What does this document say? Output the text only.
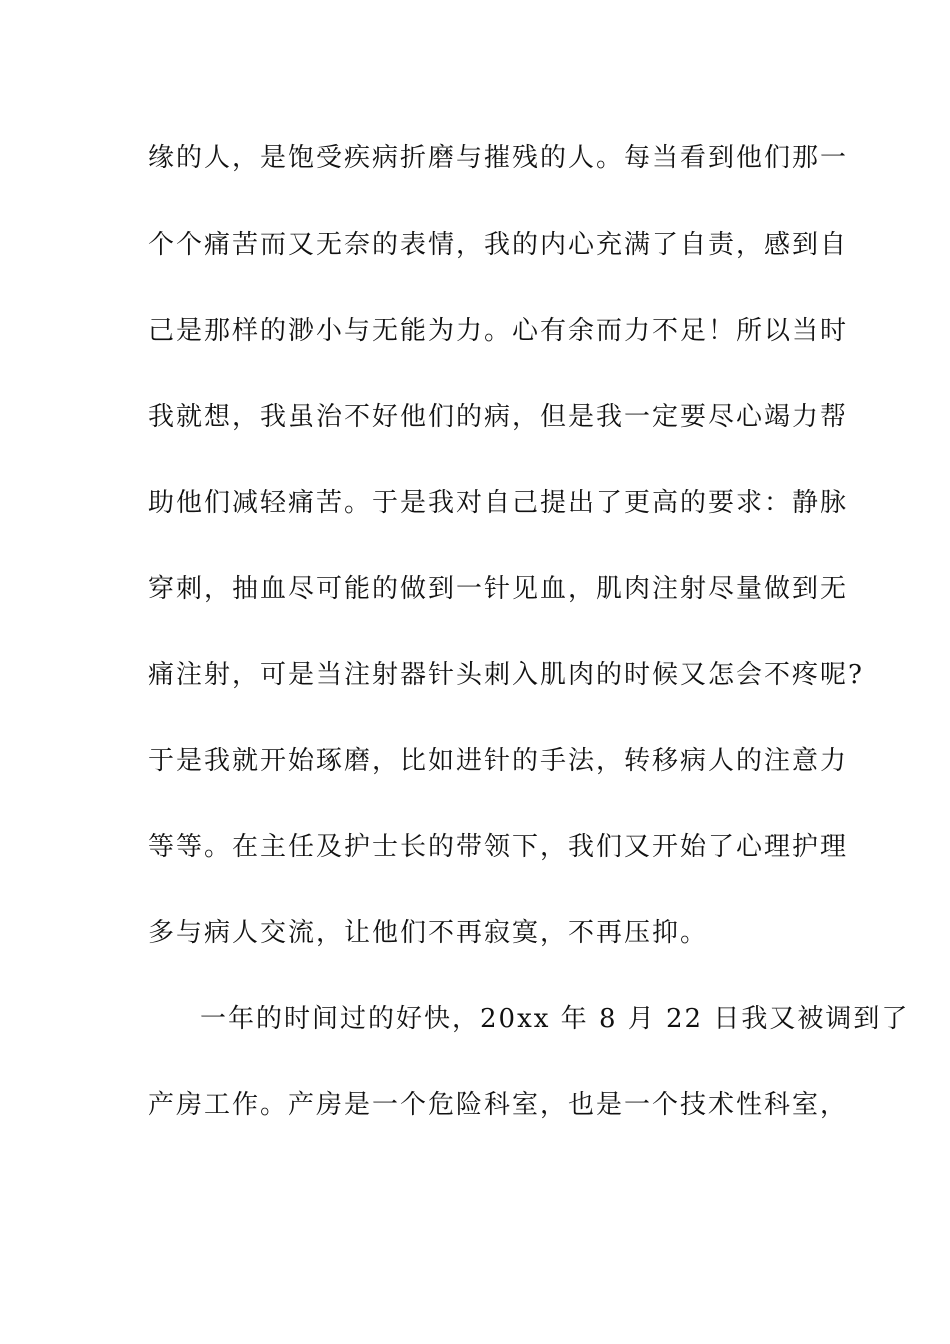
缘的人，是饱受疾病折磨与摧残的人。每当看到他们那一
个个痛苦而又无奈的表情，我的内心充满了自责，感到自
己是那样的渺小与无能为力。心有余而力不足！所以当时
我就想，我虽治不好他们的病，但是我一定要尽心竭力帮
助他们减轻痛苦。于是我对自己提出了更高的要求：静脉
穿刺，抽血尽可能的做到一针见血，肌肉注射尽量做到无
痛注射，可是当注射器针头刺入肌肉的时候又怎会不疼呢?
于是我就开始琢磨，比如进针的手法，转移病人的注意力
等等。在主任及护士长的带领下，我们又开始了心理护理
多与病人交流，让他们不再寂寞，不再压抑。
一年的时间过的好快，20xx 年 8 月 22 日我又被调到了
产房工作。产房是一个危险科室，也是一个技术性科室，
